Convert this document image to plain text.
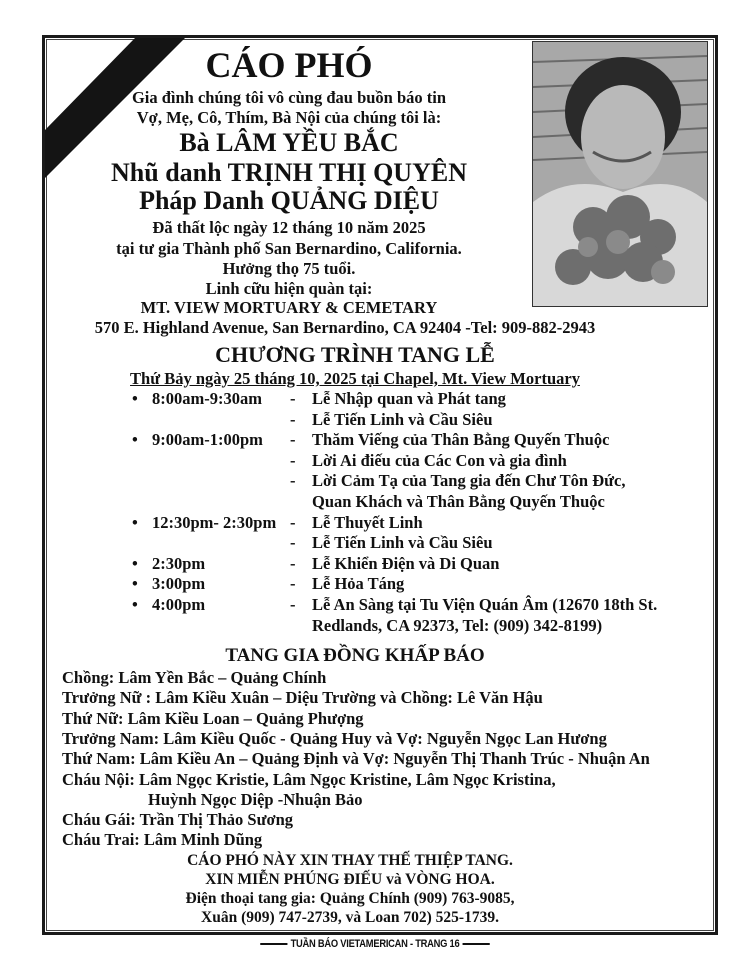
CÁO PHÓ
Gia đình chúng tôi vô cùng đau buồn báo tin
Vợ, Mẹ, Cô, Thím, Bà Nội của chúng tôi là:
Bà LÂM YỀU BẮC
Nhũ danh TRỊNH THỊ QUYÊN
Pháp Danh QUẢNG DIỆU
Đã thất lộc ngày 12 tháng 10 năm 2025
tại tư gia Thành phố San Bernardino, California.
Hưởng thọ 75 tuổi.
Linh cữu hiện quàn tại:
MT. VIEW MORTUARY & CEMETARY
570 E. Highland Avenue, San Bernardino, CA 92404 -Tel: 909-882-2943
CHƯƠNG TRÌNH TANG LỄ
Thứ Bảy ngày 25 tháng 10, 2025 tại Chapel, Mt. View Mortuary
• 8:00am-9:30am - Lễ Nhập quan và Phát tang
- Lễ Tiến Linh và Cầu Siêu
• 9:00am-1:00pm - Thăm Viếng của Thân Bằng Quyến Thuộc
- Lời Ai điếu của Các Con và gia đình
- Lời Cảm Tạ của Tang gia đến Chư Tôn Đức,
Quan Khách và Thân Bằng Quyến Thuộc
• 12:30pm- 2:30pm - Lễ Thuyết Linh
- Lễ Tiến Linh và Cầu Siêu
• 2:30pm	- Lễ Khiển Điện và Di Quan
• 3:00pm	- Lễ Hỏa Táng
• 4:00pm	- Lễ An Sàng tại Tu Viện Quán Âm (12670 18th St.
Redlands, CA 92373, Tel: (909) 342-8199)
TANG GIA ĐỒNG KHẤP BÁO
Chồng: Lâm Yền Bắc – Quảng Chính
Trưởng Nữ : Lâm Kiều Xuân – Diệu Trường và Chồng: Lê Văn Hậu
Thứ Nữ: Lâm Kiều Loan – Quảng Phượng
Trưởng Nam: Lâm Kiều Quốc - Quảng Huy và Vợ: Nguyễn Ngọc Lan Hương
Thứ Nam: Lâm Kiều An – Quảng Định và Vợ: Nguyễn Thị Thanh Trúc - Nhuận An
Cháu Nội: Lâm Ngọc Kristie, Lâm Ngọc Kristine, Lâm Ngọc Kristina,
Huỳnh Ngọc Diệp -Nhuận Bảo
Cháu Gái: Trần Thị Thảo Sương
Cháu Trai: Lâm Minh Dũng
CÁO PHÓ NÀY XIN THAY THẾ THIỆP TANG.
XIN MIỄN PHÚNG ĐIẾU và VÒNG HOA.
Điện thoại tang gia: Quảng Chính (909) 763-9085,
Xuân (909) 747-2739, và Loan 702) 525-1739.
TUẦN BÁO VIETAMERICAN - TRANG 16
